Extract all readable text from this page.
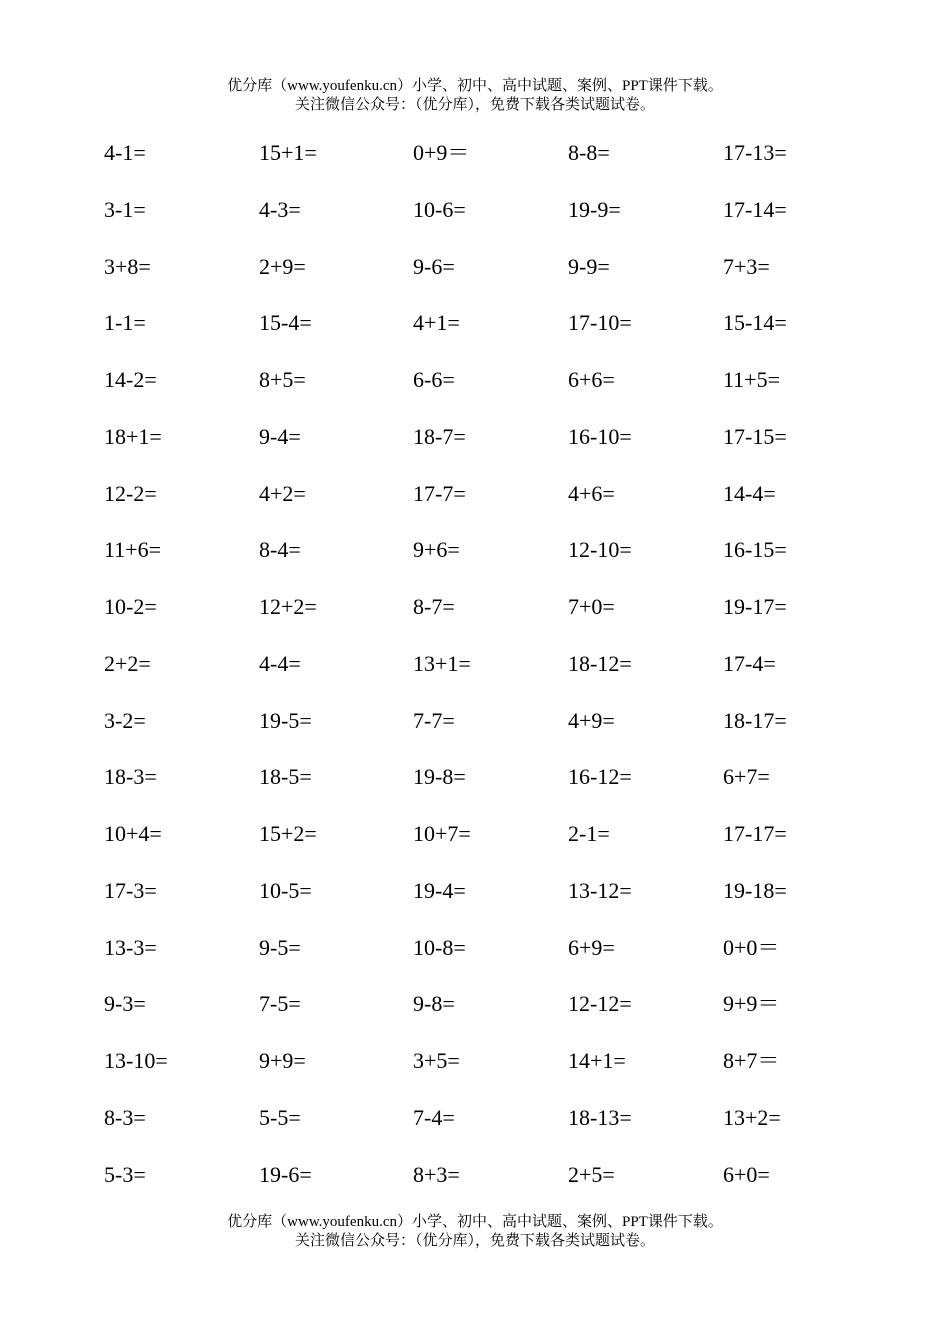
优分库（www.youfenku.cn）小学、初中、高中试题、案例、PPT课件下载。
关注微信公众号：（优分库），免费下载各类试题试卷。
4-1=	15+1=	0+9＝	8-8=	17-13=
3-1=	4-3=	10-6=	19-9=	17-14=
3+8=	2+9=	9-6=	9-9=	7+3=
1-1=	15-4=	4+1=	17-10=	15-14=
14-2=	8+5=	6-6=	6+6=	11+5=
18+1=	9-4=	18-7=	16-10=	17-15=
12-2=	4+2=	17-7=	4+6=	14-4=
11+6=	8-4=	9+6=	12-10=	16-15=
10-2=	12+2=	8-7=	7+0=	19-17=
2+2=	4-4=	13+1=	18-12=	17-4=
3-2=	19-5=	7-7=	4+9=	18-17=
18-3=	18-5=	19-8=	16-12=	6+7=
10+4=	15+2=	10+7=	2-1=	17-17=
17-3=	10-5=	19-4=	13-12=	19-18=
13-3=	9-5=	10-8=	6+9=	0+0＝
9-3=	7-5=	9-8=	12-12=	9+9＝
13-10=	9+9=	3+5=	14+1=	8+7＝
8-3=	5-5=	7-4=	18-13=	13+2=
5-3=	19-6=	8+3=	2+5=	6+0=
优分库（www.youfenku.cn）小学、初中、高中试题、案例、PPT课件下载。
关注微信公众号：（优分库），免费下载各类试题试卷。
